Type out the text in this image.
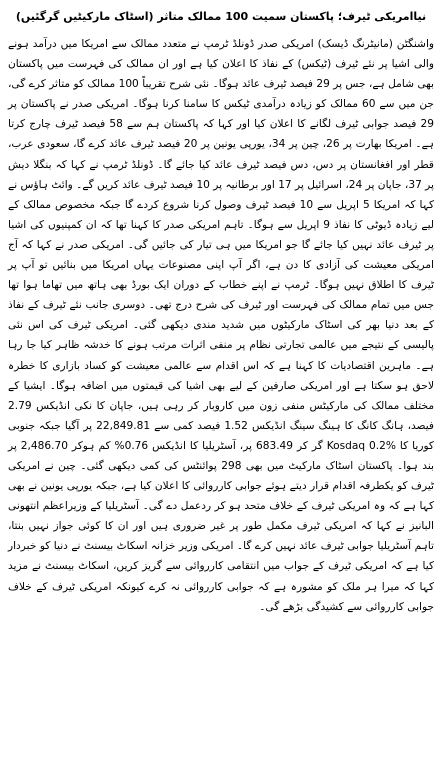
نیاامریکی ٹیرف؛ پاکستان سمیت 100 ممالک متاثر (اسٹاک مارکیٹیں گرگئیں)

واشنگٹن (مانیٹرنگ ڈیسک) امریکی صدر ڈونلڈ ٹرمپ نے متعدد ممالک سے امریکا میں درآمد ہونے والی اشیا پر نئے ٹیرف (ٹیکس) کے نفاذ کا اعلان کیا ہے اور ان ممالک کی فہرست میں پاکستان بھی شامل ہے، جس پر 29 فیصد ٹیرف عائد ہوگا۔ نئی شرح تقریباً 100 ممالک کو متاثر کرے گی، جن میں سے 60 ممالک کو زیادہ درآمدی ٹیکس کا سامنا کرنا ہوگا۔ امریکی صدر نے پاکستان پر 29 فیصد جوابی ٹیرف لگانے کا اعلان کیا اور کہا کہ پاکستان ہم سے 58 فیصد ٹیرف چارج کرتا ہے۔ امریکا بھارت پر 26، چین پر 34، یورپی یونین پر 20 فیصد ٹیرف عائد کرے گا، سعودی عرب، قطر اور افغانستان پر دس، دس فیصد ٹیرف عائد کیا جائے گا۔ ڈونلڈ ٹرمپ نے کہا کہ بنگلا دیش پر 37، جاپان پر 24، اسرائیل پر 17 اور برطانیہ پر 10 فیصد ٹیرف عائد کریں گے۔ وائٹ ہاؤس نے کہا کہ امریکا 5 اپریل سے 10 فیصد ٹیرف وصول کرنا شروع کردے گا جبکہ مخصوص ممالک کے لیے زیادہ ڈیوٹی کا نفاذ 9 اپریل سے ہوگا۔ تاہم امریکی صدر کا کہنا تھا کہ ان کمپنیوں کی اشیا پر ٹیرف عائد نہیں کیا جائے گا جو امریکا میں ہی تیار کی جائیں گی۔ امریکی صدر نے کہا کہ آج امریکی معیشت کی آزادی کا دن ہے، اگر آپ اپنی مصنوعات یہاں امریکا میں بنائیں تو آپ پر ٹیرف کا اطلاق نہیں ہوگا۔ ٹرمپ نے اپنے خطاب کے دوران ایک بورڈ بھی ہاتھ میں تھاما ہوا تھا جس میں تمام ممالک کی فہرست اور ٹیرف کی شرح درج تھی۔ دوسری جانب نئے ٹیرف کے نفاذ کے بعد دنیا بھر کی اسٹاک مارکیٹوں میں شدید مندی دیکھی گئی۔ امریکی ٹیرف کی اس نئی پالیسی کے نتیجے میں عالمی تجارتی نظام پر منفی اثرات مرتب ہونے کا خدشہ ظاہر کیا جا رہا ہے۔ ماہرین اقتصادیات کا کہنا ہے کہ اس اقدام سے عالمی معیشت کو کساد بازاری کا خطرہ لاحق ہو سکتا ہے اور امریکی صارفین کے لیے بھی اشیا کی قیمتوں میں اضافہ ہوگا۔ ایشیا کے مختلف ممالک کی مارکیٹس منفی زون میں کاروبار کر رہی ہیں، جاپان کا نکی انڈیکس 2.79 فیصد، ہانگ کانگ کا ہینگ سینگ انڈیکس 1.52 فیصد کمی سے 22,849.81 پر آگیا جبکہ جنوبی کوریا کا Kosdaq 0.2% گر کر 683.49 پر، آسٹریلیا کا انڈیکس 0.76% کم ہوکر 2,486.70 پر بند ہوا۔ پاکستان اسٹاک مارکیٹ میں بھی 298 پوائنٹس کی کمی دیکھی گئی۔ چین نے امریکی ٹیرف کو یکطرفہ اقدام قرار دیتے ہوئے جوابی کارروائی کا اعلان کیا ہے، جبکہ یورپی یونین نے بھی کہا ہے کہ وہ امریکی ٹیرف کے خلاف متحد ہو کر ردعمل دے گی۔ آسٹریلیا کے وزیراعظم انتھونی البانیز نے کہا کہ امریکی ٹیرف مکمل طور پر غیر ضروری ہیں اور ان کا کوئی جواز نہیں بنتا، تاہم آسٹریلیا جوابی ٹیرف عائد نہیں کرے گا۔ امریکی وزیر خزانہ اسکاٹ بیسنٹ نے دنیا کو خبردار کیا ہے کہ امریکی ٹیرف کے جواب میں انتقامی کارروائی سے گریز کریں، اسکاٹ بیسنٹ نے مزید کہا کہ میرا ہر ملک کو مشورہ ہے کہ جوابی کارروائی نہ کرے کیونکہ امریکی ٹیرف کے خلاف جوابی کارروائی سے کشیدگی بڑھے گی۔
